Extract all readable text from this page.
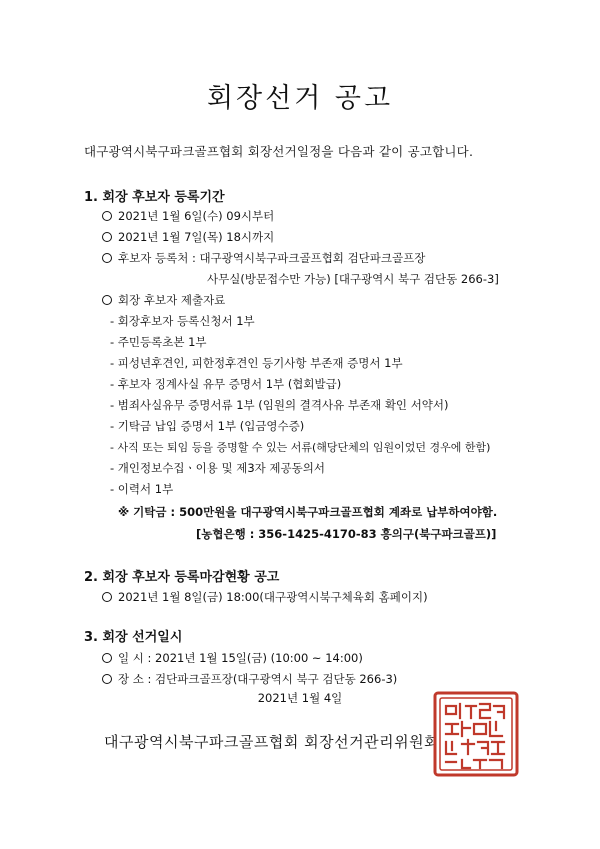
회장선거 공고
대구광역시북구파크골프협회 회장선거일정을 다음과 같이 공고합니다.
1. 회장 후보자 등록기간
2021년 1월 6일(수) 09시부터
2021년 1월 7일(목) 18시까지
후보자 등록처 : 대구광역시북구파크골프협회 검단파크골프장
사무실(방문접수만 가능) [대구광역시 북구 검단동 266-3]
회장 후보자 제출자료
- 회장후보자 등록신청서 1부
- 주민등록초본 1부
- 피성년후견인, 피한정후견인 등기사항 부존재 증명서 1부
- 후보자 징계사실 유무 증명서 1부 (협회발급)
- 범죄사실유무 증명서류 1부 (임원의 결격사유 부존재 확인 서약서)
- 기탁금 납입 증명서 1부 (입금영수증)
- 사직 또는 퇴임 등을 증명할 수 있는 서류(해당단체의 임원이었던 경우에 한함)
- 개인정보수집ㆍ이용 및 제3자 제공동의서
- 이력서 1부
※ 기탁금 : 500만원을 대구광역시북구파크골프협회 계좌로 납부하여야함.
[농협은행 : 356-1425-4170-83 흥의구(북구파크골프)]
2. 회장 후보자 등록마감현황 공고
2021년 1월 8일(금) 18:00(대구광역시북구체육회 홈페이지)
3. 회장 선거일시
일 시 : 2021년 1월 15일(금) (10:00 ~ 14:00)
장 소 : 검단파크골프장(대구광역시 북구 검단동 266-3)
2021년 1월 4일
대구광역시북구파크골프협회 회장선거관리위원회
